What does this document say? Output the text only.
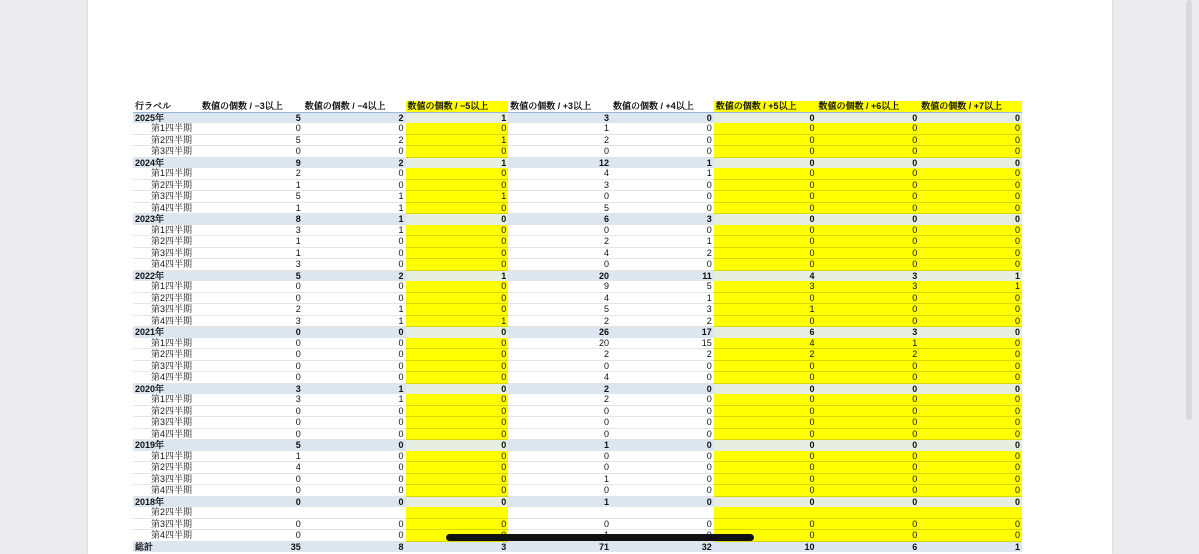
行ラベル	数値の個数 / −3以上	数値の個数 / −4以上	数値の個数 / −5以上	数値の個数 / +3以上	数値の個数 / +4以上	数値の個数 / +5以上	数値の個数 / +6以上	数値の個数 / +7以上
2025年	5	2	1	3	0	0	0	0
第1四半期	0	0	0	1	0	0	0	0
第2四半期	5	2	1	2	0	0	0	0
第3四半期	0	0	0	0	0	0	0	0
2024年	9	2	1	12	1	0	0	0
第1四半期	2	0	0	4	1	0	0	0
第2四半期	1	0	0	3	0	0	0	0
第3四半期	5	1	1	0	0	0	0	0
第4四半期	1	1	0	5	0	0	0	0
2023年	8	1	0	6	3	0	0	0
第1四半期	3	1	0	0	0	0	0	0
第2四半期	1	0	0	2	1	0	0	0
第3四半期	1	0	0	4	2	0	0	0
第4四半期	3	0	0	0	0	0	0	0
2022年	5	2	1	20	11	4	3	1
第1四半期	0	0	0	9	5	3	3	1
第2四半期	0	0	0	4	1	0	0	0
第3四半期	2	1	0	5	3	1	0	0
第4四半期	3	1	1	2	2	0	0	0
2021年	0	0	0	26	17	6	3	0
第1四半期	0	0	0	20	15	4	1	0
第2四半期	0	0	0	2	2	2	2	0
第3四半期	0	0	0	0	0	0	0	0
第4四半期	0	0	0	4	0	0	0	0
2020年	3	1	0	2	0	0	0	0
第1四半期	3	1	0	2	0	0	0	0
第2四半期	0	0	0	0	0	0	0	0
第3四半期	0	0	0	0	0	0	0	0
第4四半期	0	0	0	0	0	0	0	0
2019年	5	0	0	1	0	0	0	0
第1四半期	1	0	0	0	0	0	0	0
第2四半期	4	0	0	0	0	0	0	0
第3四半期	0	0	0	1	0	0	0	0
第4四半期	0	0	0	0	0	0	0	0
2018年	0	0	0	1	0	0	0	0
第2四半期								
第3四半期	0	0	0	0	0	0	0	0
第4四半期	0	0				0	0	0
総計	35	8	3	71	32	10	6	1
